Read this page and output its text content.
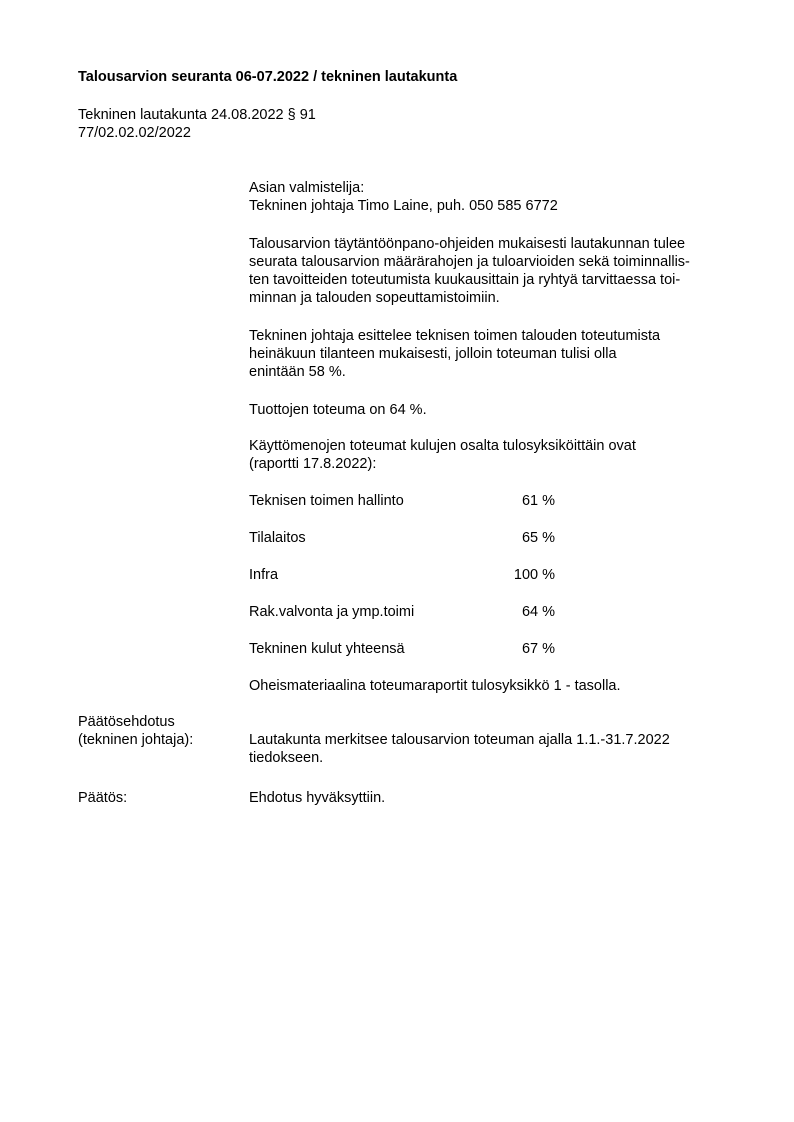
Talousarvion seuranta 06-07.2022 / tekninen lautakunta
Tekninen lautakunta 24.08.2022 § 91
77/02.02.02/2022
Asian valmistelija:
Tekninen johtaja Timo Laine, puh. 050 585 6772
Talousarvion täytäntöönpano-ohjeiden mukaisesti lautakunnan tulee
seurata talousarvion määrärahojen ja tuloarvioiden sekä toiminnallis-
ten tavoitteiden toteutumista kuukausittain ja ryhtyä tarvittaessa toi-
minnan ja talouden sopeuttamistoimiin.
Tekninen johtaja esittelee teknisen toimen talouden toteutumista
heinäkuun tilanteen mukaisesti, jolloin toteuman tulisi olla
enintään 58 %.
Tuottojen toteuma on 64 %.
Käyttömenojen toteumat kulujen osalta tulosyksiköittäin ovat
(raportti 17.8.2022):
Teknisen toimen hallinto	61 %
Tilalaitos	65 %
Infra	100 %
Rak.valvonta ja ymp.toimi	64 %
Tekninen kulut yhteensä	67 %
Oheismateriaalina toteumaraportit tulosyksikkö 1 - tasolla.
Päätösehdotus
(tekninen johtaja):	Lautakunta merkitsee talousarvion toteuman ajalla 1.1.-31.7.2022
tiedokseen.
Päätös:	Ehdotus hyväksyttiin.
